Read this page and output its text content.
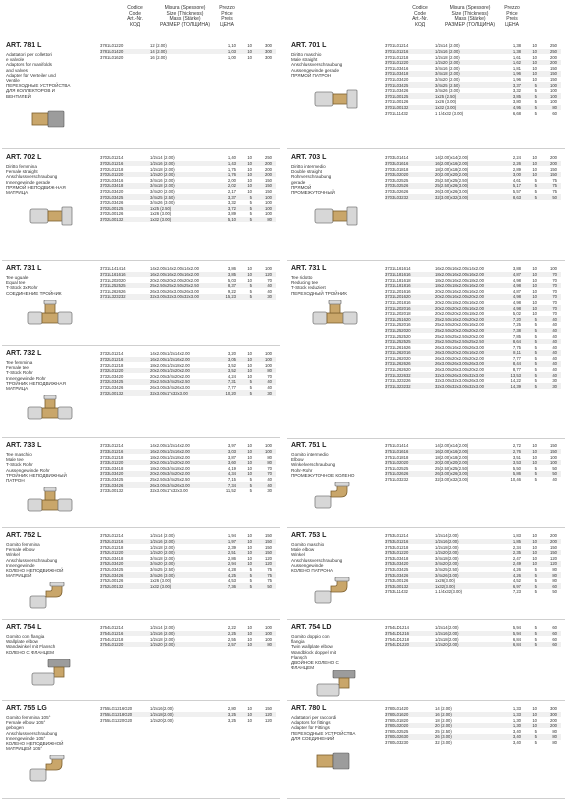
Codice
Code
Art.-Nr.
КОД
Misura (Spessore)
Size (Thickness)
Mass (Stärke)
РАЗМЕР (ТОЛЩИНА)
Prezzo
Price
Preis
ЦЕНА
ART. 781 L
Adattatori per collettori
e valvole
Adaptors for manifolds
and valves
Adapter für Verteiler und
Ventile
ПЕРЕХОДНЫЕ УСТРОЙСТВА
ДЛЯ КОЛЛЕКТОРОВ И
ВЕНТИЛЕЙ
3781L01220	12 (2.00)	1,10	10	300
3781L01420	14 (2.00)	1,03	10	300
3781L01620	16 (2.00)	1,00	10	300
ART. 702 L
Diritto femmina
Female straight
Anschlussverschraubung
Innengewinde gerade
ПРЯМОЙ НЕПОДВИЖ-НАЯ
МАТРИЦА
3702L01214	1/2x14 (2.00)	1,40	10	250
3702L01216	1/2x16 (2.00)	1,43	10	200
3702L01218	1/2x18 (2.00)	1,75	10	200
3702L01220	1/2x20 (2.00)	1,76	10	200
3702L03416	3/4x16 (2.00)	2,00	10	150
3702L03418	3/4x18 (2.00)	2,02	10	150
3702L03420	3/4x20 (2.00)	2,17	10	150
3702L03425	3/4x25 (2.50)	3,37	5	100
3702L03426	3/4x26 (3.00)	3,32	5	100
3702L00125	1x25 (2.50)	3,72	5	100
3702L00126	1x26 (3.00)	3,89	5	100
3702L00132	1x32 (3.00)	5,10	5	80
ART. 731 L
Tee uguale
Equal tee
T-Stück 3xRohr
СОЕДИНЕНИЕ ТРОЙНИК
3731L141414	14x2.00x14x2.00x14x2.00	3,86	10	100
3731L161616	16x2.00x16x2.00x16x2.00	3,85	10	120
3731L202020	20x2.00x20x2.00x20x2.00	5,03	10	70
3731L252525	25x2.50x25x2.50x25x2.50	8,37	5	40
3731L262626	26x3.00x26x3.00x26x3.00	9,22	5	40
3731L323232	32x3.00x32x3.00x32x3.00	15,23	5	30
ART. 732 L
Tee femmina
Female tee
T-Stück Rohr
Innengewinde Rohr
ТРОЙНИК НЕПОДВИЖНАЯ
МАТРИЦА
3732L01214	14x2.00x1/2x14x2.00	3,20	10	100
3732L01216	16x2.00x1/2x16x2.00	3,05	10	100
3732L01218	18x2.00x1/2x18x2.00	3,52	10	100
3732L01220	20x2.00x1/2x20x2.00	3,52	10	80
3732L03420	20x2.00x3/4x20x2.00	4,24	10	70
3732L03425	25x2.50x3/4x25x2.50	7,31	5	40
3732L03426	26x3.00x3/4x26x3.00	7,77	5	40
3732L00132	32x3.00x1"x32x3.00	10,20	5	30
ART. 733 L
Tee maschio
Male tee
T-Stück Rohr
Aussengewinde Rohr
ТРОЙНИК НЕПОДВИЖНЫЙ
ПАТРОН
3733L01214	14x2.00x1/2x14x2.00	3,97	10	100
3733L01216	16x2.00x1/2x16x2.00	3,03	10	100
3733L01218	18x2.00x1/2x18x2.00	3,87	10	80
3733L01220	20x2.00x1/2x20x2.00	3,60	10	80
3733L03418	18x2.00x3/4x18x2.00	4,19	10	70
3733L03420	20x2.00x3/4x20x2.00	4,34	10	70
3733L03425	25x2.50x3/4x25x2.50	7,15	5	40
3733L03426	26x3.00x3/4x26x3.00	7,34	5	40
3733L00132	32x3.00x1"x32x3.00	11,52	5	30
ART. 752 L
Gomito femmina
Female elbow
Winkel
Anschlussverschraubung
Innengewinde
КОЛЕНО НЕПОДВИЖНОЙ
МАТРИЦЕЙ
3752L01214	1/2x14 (2.00)	1,94	10	150
3752L01216	1/2x16 (2.00)	1,97	10	150
3752L01218	1/2x18 (2.00)	2,39	10	150
3752L01220	1/2x20 (2.00)	2,51	10	150
3752L03418	3/4x18 (2.00)	2,86	10	120
3752L03420	3/4x20 (2.00)	2,94	10	120
3752L03425	3/4x25 (2.50)	4,28	5	75
3752L03426	3/4x26 (3.00)	4,25	5	75
3752L00126	1x26 (3.00)	4,53	5	75
3752L00132	1x32 (3.00)	7,36	5	50
ART. 754 L
Gomito con flangia
Wallplate elbow
Wandwinkel mit Flansch
КОЛЕНО С ФЛАНЦЕМ
3754L01214	1/2x14 (2.00)	2,22	10	100
3754L01216	1/2x16 (2.00)	2,25	10	100
3754L01218	1/2x18 (2.00)	2,55	10	100
3754L01220	1/2x20 (2.00)	2,57	10	80
ART. 755 LG
Gomito femmina 105°
Female elbow 105°
gebogen
Anschlussverschraubung
Innengewinde 105°
КОЛЕНО НЕПОДВИЖНОЙ
МАТРИЦЕЙ 105°
3755LG1216G20	1/2x16(2.00)	2,80	10	150
3755LG1218G20	1/2x18(2.00)	3,25	10	120
3755LG1220G20	1/2x20(2.00)	3,25	10	120
Codice
Code
Art.-Nr.
КОД
Misura (Spessore)
Size (Thickness)
Mass (Stärke)
РАЗМЕР (ТОЛЩИНА)
Prezzo
Price
Preis
ЦЕНА
ART. 701 L
Diritto maschio
Male straight
Anschlussverschraubung
Aussengewinde gerade
ПРЯМОЙ ПАТРОН
3701L01214	1/2x14 (2.00)	1,38	10	250
3701L01216	1/2x16 (2.00)	1,38	10	250
3701L01218	1/2x18 (2.00)	1,61	10	200
3701L01220	1/2x20 (2.00)	1,62	10	200
3701L03416	3/4x16 (2.00)	1,81	10	150
3701L03418	3/4x18 (2.00)	1,96	10	150
3701L03420	3/4x20 (2.00)	1,96	10	150
3701L03425	3/4x25 (2.50)	3,37	5	100
3701L03426	3/4x26 (3.00)	3,32	5	100
3701L00125	1x25 (2.50)	3,85	5	100
3701L00126	1x26 (3.00)	3,80	5	100
3701L00132	1x32 (3.00)	4,95	5	80
3701L11432	1 1/4x32 (3.00)	6,68	5	60
ART. 703 L
Diritto intermedio
Double straight
Rohrverschraubung
gerade
ПРЯМОЙ
ПРОМЕЖУТОЧНЫЙ
3703L01414	14(2.00)x14(2.00)	2,24	10	200
3703L01616	16(2.00)x16(2.00)	2,26	10	200
3703L01818	18(2.00)x18(2.00)	2,89	10	150
3703L02020	20(2.00)x20(2.00)	3,00	10	150
3703L02525	25(2.50)x25(2.50)	4,61	5	75
3703L02526	25(2.50)x26(3.00)	5,17	5	75
3703L02626	26(3.00)x26(3.00)	5,57	5	75
3703L03232	32(3.00)x32(3.00)	8,63	5	50
ART. 731 L
Tee ridotto
Reducing tee
T-Stück reduziert
ПЕРЕХОДНЫЙ ТРОЙНИК
3731L161614	16x2.00x16x2.00x14x2.00	3,88	10	100
3731L181616	18x2.00x16x2.00x16x2.00	4,87	10	70
3731L181618	18x2.00x16x2.00x18x2.00	4,98	10	70
3731L181816	18x2.00x18x2.00x16x2.00	4,98	10	70
3731L201616	20x2.00x16x2.00x16x2.00	4,87	10	70
3731L201620	20x2.00x16x2.00x20x2.00	4,98	10	70
3731L201816	20x2.00x18x2.00x16x2.00	4,98	10	70
3731L202016	20x2.00x20x2.00x16x2.00	4,98	10	70
3731L202018	20x2.00x20x2.00x18x2.00	5,02	10	70
3731L251620	25x2.50x16x2.00x20x2.00	7,20	5	40
3731L252016	25x2.50x20x2.00x16x2.00	7,25	5	40
3731L252020	25x2.50x20x2.00x20x2.00	7,38	5	40
3731L252520	25x2.50x25x2.50x20x2.00	7,85	5	40
3731L252525	25x2.50x25x2.50x25x2.50	8,64	5	40
3731L261626	26x3.00x16x2.00x26x3.00	7,75	5	40
3731L262016	26x3.00x20x2.00x16x2.00	8,11	5	40
3731L262020	26x3.00x20x2.00x20x2.00	7,77	5	40
3731L262626	26x3.00x26x3.00x26x3.00	8,44	5	40
3731L262620	26x3.00x26x3.00x20x2.00	8,77	5	40
3731L322632	32x3.00x26x3.00x32x3.00	13,53	5	40
3731L323226	32x3.00x32x3.00x26x3.00	14,22	5	30
3731L323232	32x3.00x32x3.00x32x3.00	14,39	5	30
ART. 751 L
Gomito intermedio
Elbow
Winkelverschraubung
Rohr-Rohr
ПРОМЕЖУТОЧНОЕ КОЛЕНО
3751L01414	14(2.00)x14(2.00)	2,72	10	150
3751L01616	16(2.00)x16(2.00)	2,76	10	150
3751L01818	18(2.00)x18(2.00)	3,51	10	100
3751L02020	20(2.00)x20(2.00)	3,53	10	100
3751L02525	25(2.50)x25(2.50)	5,50	5	50
3751L02626	26(3.00)x26(3.00)	5,86	5	50
3751L03232	32(3.00)x32(3.00)	10,46	5	40
ART. 753 L
Gomito maschio
Male elbow
Winkel
Anschlussverschraubung
Aussengewinde
КОЛЕНО ПАТРОНА
3753L01214	1/2x14(2.00)	1,83	10	200
3753L01216	1/2x16(2.00)	1,85	10	200
3753L01218	1/2x18(2.00)	2,34	10	150
3753L01220	1/2x20(2.00)	2,35	10	150
3753L03418	3/4x18(2.00)	2,47	10	120
3753L03420	3/4x20(2.00)	2,49	10	120
3753L03425	3/4x25(2.50)	4,26	5	80
3753L03426	3/4x26(3.00)	4,26	5	80
3753L00126	1x26(3.00)	4,52	5	80
3753L00132	1x32(3.00)	6,97	5	60
3753L11432	1.1/4x32(3.00)	7,23	5	50
ART. 754 LD
Gomito doppio con
flangia
Twin wallplate elbow
Wandblock doppel mit
Flansch
ДВОЙНОЕ КОЛЕНО С
ФЛАНЦЕМ
3754LD1214	1/2x14(2.00)	5,94	5	60
3754LD1216	1/2x16(2.00)	5,94	5	60
3754LD1218	1/2x18(2.00)	6,84	5	60
3754LD1220	1/2x20(2.00)	6,84	5	60
ART. 780 L
Adattatori per raccordi
Adaptors for fittings
Adapter für Fittings
ПЕРЕХОДНЫЕ УСТРОЙСТВА
ДЛЯ СОЕДИНЕНИЙ
3780L01420	14 (2.00)	1,33	10	300
3780L01620	16 (2.00)	1,33	10	300
3780L01820	18 (2.00)	1,30	10	200
3780L02020	20 (2.00)	1,30	10	200
3780L02525	25 (2.50)	3,40	5	80
3780L02630	26 (3.00)	3,40	5	80
3780L03230	32 (3.00)	3,40	5	80
